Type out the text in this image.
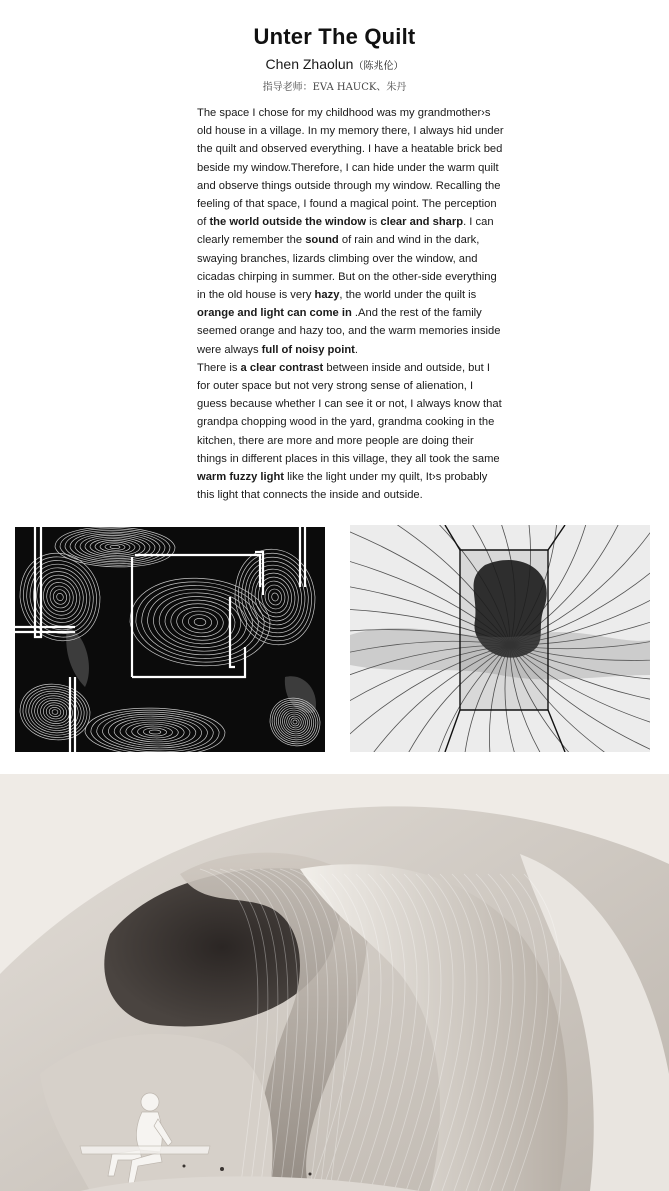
Unter The Quilt
Chen Zhaolun（陈兆伦）
指导老师：EVA HAUCK、朱丹

The space I chose for my childhood was my grandmother›s old house in a village. In my memory there, I always hid under the quilt and observed everything. I have a heatable brick bed beside my window.Therefore, I can hide under the warm quilt and observe things outside through my window. Recalling the feeling of that space, I found a magical point. The perception of the world outside the window is clear and sharp. I can clearly remember the sound of rain and wind in the dark, swaying branches, lizards climbing over the window, and cicadas chirping in summer. But on the other-side everything in the old house is very hazy, the world under the quilt is orange and light can come in .And the rest of the family seemed orange and hazy too, and the warm memories inside were always full of noisy point.

There is a clear contrast between inside and outside, but I for outer space but not very strong sense of alienation, I guess because whether I can see it or not, I always know that grandpa chopping wood in the yard, grandma cooking in the kitchen, there are more and more people are doing their things in different places in this village, they all took the same warm fuzzy light like the light under my quilt, It›s probably this light that connects the inside and outside.
